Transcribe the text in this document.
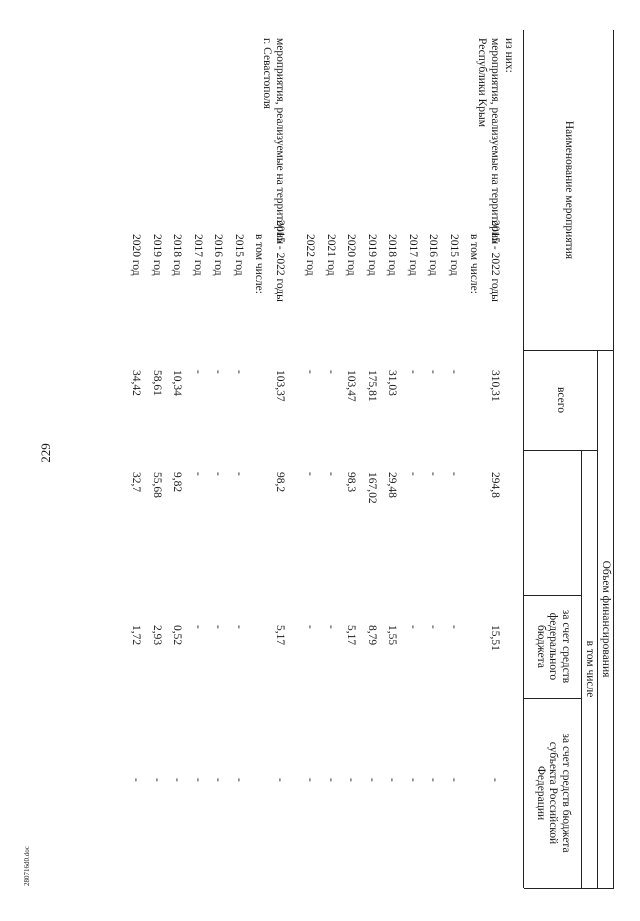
229
280716d0.doc
Наименование мероприятия
всего
Объем финансирования
в том числе
за счет средств федерального бюджета
за счет средств бюджета субъекта Российской Федерации
из них:
мероприятия, реализуемые на территории
Республики Крым
2015 - 2022 годы
310,31
294,8
15,51
-
в том числе:
2015 год
-
-
-
-
2016 год
-
-
-
-
2017 год
-
-
-
-
2018 год
31,03
29,48
1,55
-
2019 год
175,81
167,02
8,79
-
2020 год
103,47
98,3
5,17
-
2021 год
-
-
-
-
2022 год
-
-
-
-
мероприятия, реализуемые на территории
г. Севастополя
2015 - 2022 годы
103,37
98,2
5,17
-
в том числе:
2015 год
-
-
-
-
2016 год
-
-
-
-
2017 год
-
-
-
-
2018 год
10,34
9,82
0,52
-
2019 год
58,61
55,68
2,93
-
2020 год
34,42
32,7
1,72
-
